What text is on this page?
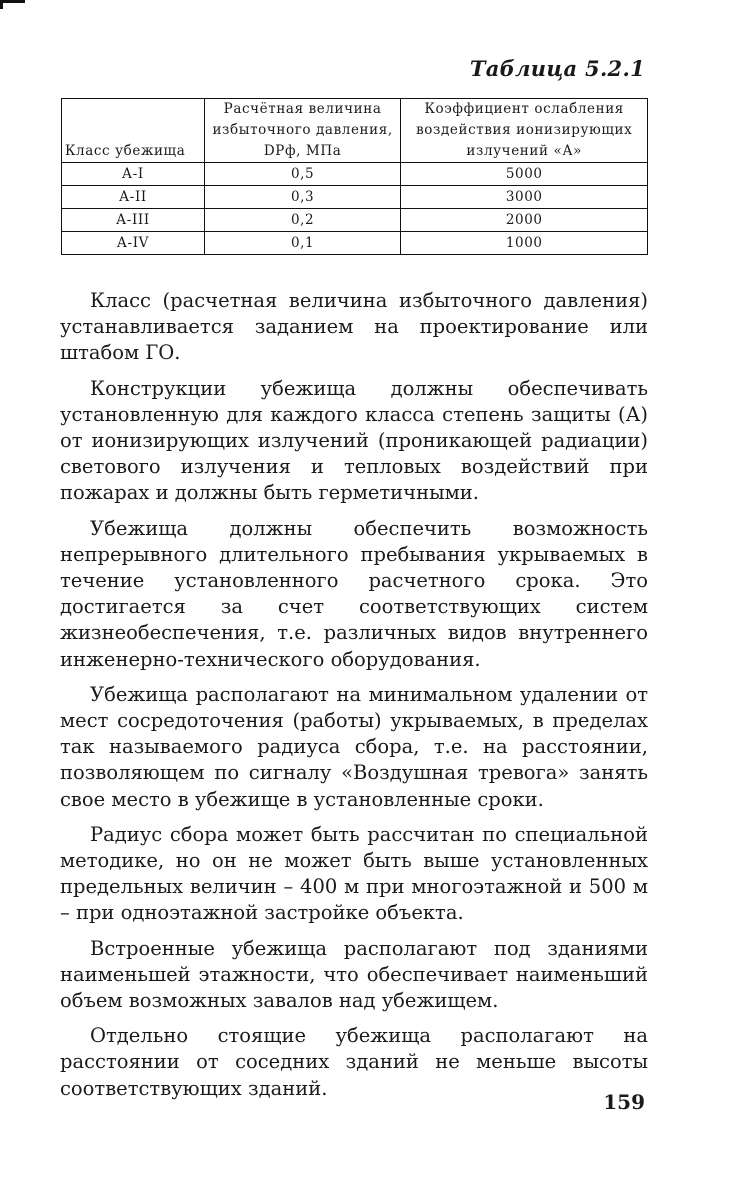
Таблица 5.2.1
Класс убежища	Расчётная величина избыточного давления, DРф, МПа	Коэффициент ослабления воздействия ионизирующих излучений «А»
А-I	0,5	5000
А-II	0,3	3000
А-III	0,2	2000
А-IV	0,1	1000

Класс (расчетная величина избыточного давления) устанавливается заданием на проектирование или штабом ГО.

Конструкции убежища должны обеспечивать установленную для каждого класса степень защиты (А) от ионизирующих излучений (проникающей радиации) светового излучения и тепловых воздействий при пожарах и должны быть герметичными.

Убежища должны обеспечить возможность непрерывного длительного пребывания укрываемых в течение установленного расчетного срока. Это достигается за счет соответствующих систем жизнеобеспечения, т.е. различных видов внутреннего инженерно-технического оборудования.

Убежища располагают на минимальном удалении от мест сосредоточения (работы) укрываемых, в пределах так называемого радиуса сбора, т.е. на расстоянии, позволяющем по сигналу «Воздушная тревога» занять свое место в убежище в установленные сроки.

Радиус сбора может быть рассчитан по специальной методике, но он не может быть выше установленных предельных величин – 400 м при многоэтажной и 500 м – при одноэтажной застройке объекта.

Встроенные убежища располагают под зданиями наименьшей этажности, что обеспечивает наименьший объем возможных завалов над убежищем.

Отдельно стоящие убежища располагают на расстоянии от соседних зданий не меньше высоты соответствующих зданий.

159
